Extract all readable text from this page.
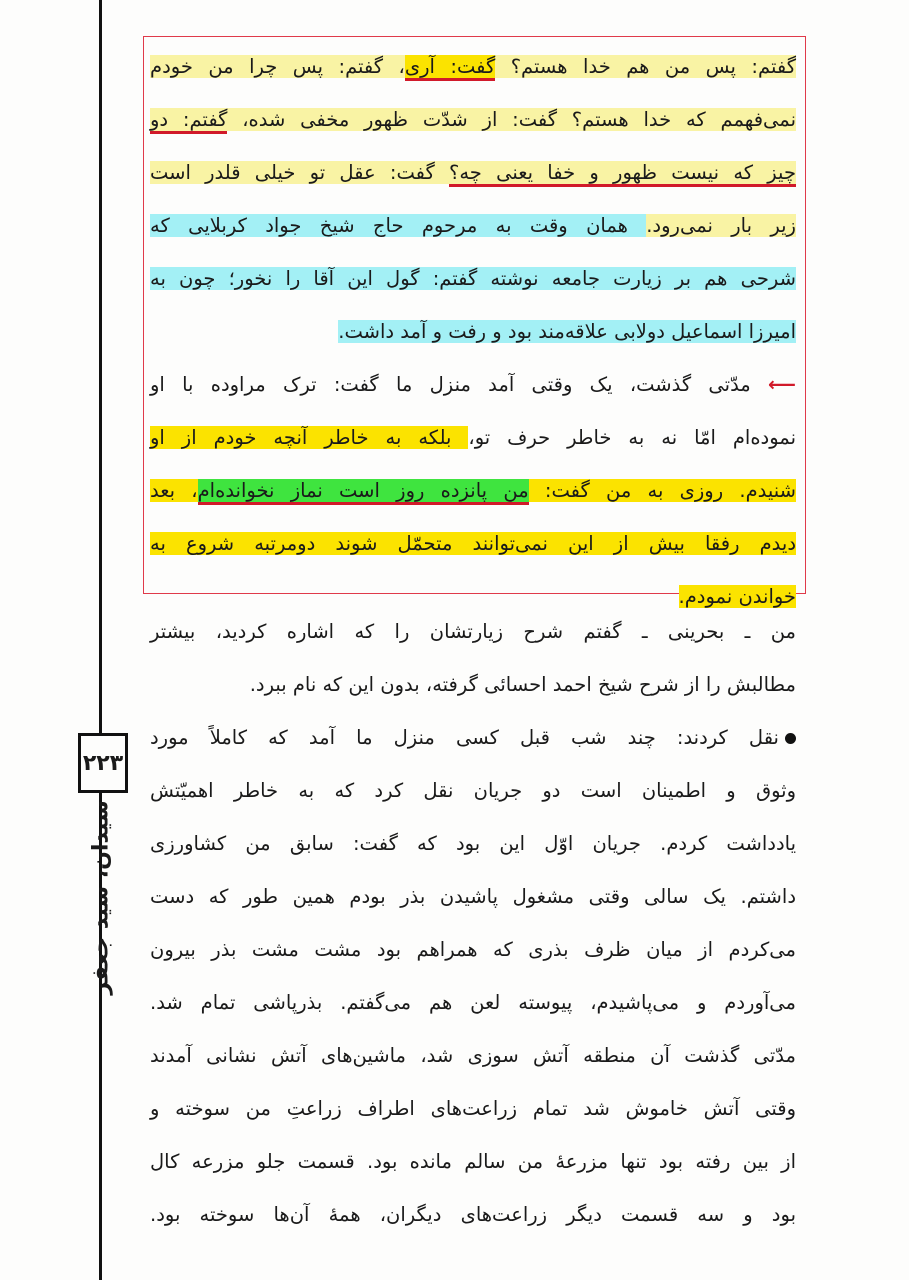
۲۲۳
سیدان، سید جعفر
گفتم: پس من هم خدا هستم؟ گفت: آری، گفتم: پس چرا من خودم
نمی‌فهمم که خدا هستم؟ گفت: از شدّت ظهور مخفی شده، گفتم: دو
چیز که نیست ظهور و خفا یعنی چه؟ گفت: عقل تو خیلی قلدر است
زیر بار نمی‌رود. همان وقت به مرحوم حاج شیخ جواد کربلایی که
شرحی هم بر زیارت جامعه نوشته گفتم: گول این آقا را نخور؛ چون به
امیرزا اسماعیل دولابی علاقه‌مند بود و رفت و آمد داشت.
⟵ مدّتی گذشت، یک وقتی آمد منزل ما گفت: ترک مراوده با او
نموده‌ام امّا نه به خاطر حرف تو، بلکه به خاطر آنچه خودم از او
شنیدم. روزی به من گفت: من پانزده روز است نماز نخوانده‌ام، بعد
دیدم رفقا بیش از این نمی‌توانند متحمّل شوند دومرتبه شروع به
خواندن نمودم.
من ـ بحرینی ـ گفتم شرح زیارتشان را که اشاره کردید، بیشتر
مطالبش را از شرح شیخ احمد احسائی گرفته، بدون این که نام ببرد.
نقل کردند: چند شب قبل کسی منزل ما آمد که کاملاً مورد
وثوق و اطمینان است دو جریان نقل کرد که به خاطر اهمیّتش
یادداشت کردم. جریان اوّل این بود که گفت: سابق من کشاورزی
داشتم. یک سالی وقتی مشغول پاشیدن بذر بودم همین طور که دست
می‌کردم از میان ظرف بذری که همراهم بود مشت مشت بذر بیرون
می‌آوردم و می‌پاشیدم، پیوسته لعن هم می‌گفتم. بذرپاشی تمام شد.
مدّتی گذشت آن منطقه آتش سوزی شد، ماشین‌های آتش نشانی آمدند
وقتی آتش خاموش شد تمام زراعت‌های اطراف زراعتِ من سوخته و
از بین رفته بود تنها مزرعهٔ من سالم مانده بود. قسمت جلو مزرعه کال
بود و سه قسمت دیگر زراعت‌های دیگران، همهٔ آن‌ها سوخته بود.
